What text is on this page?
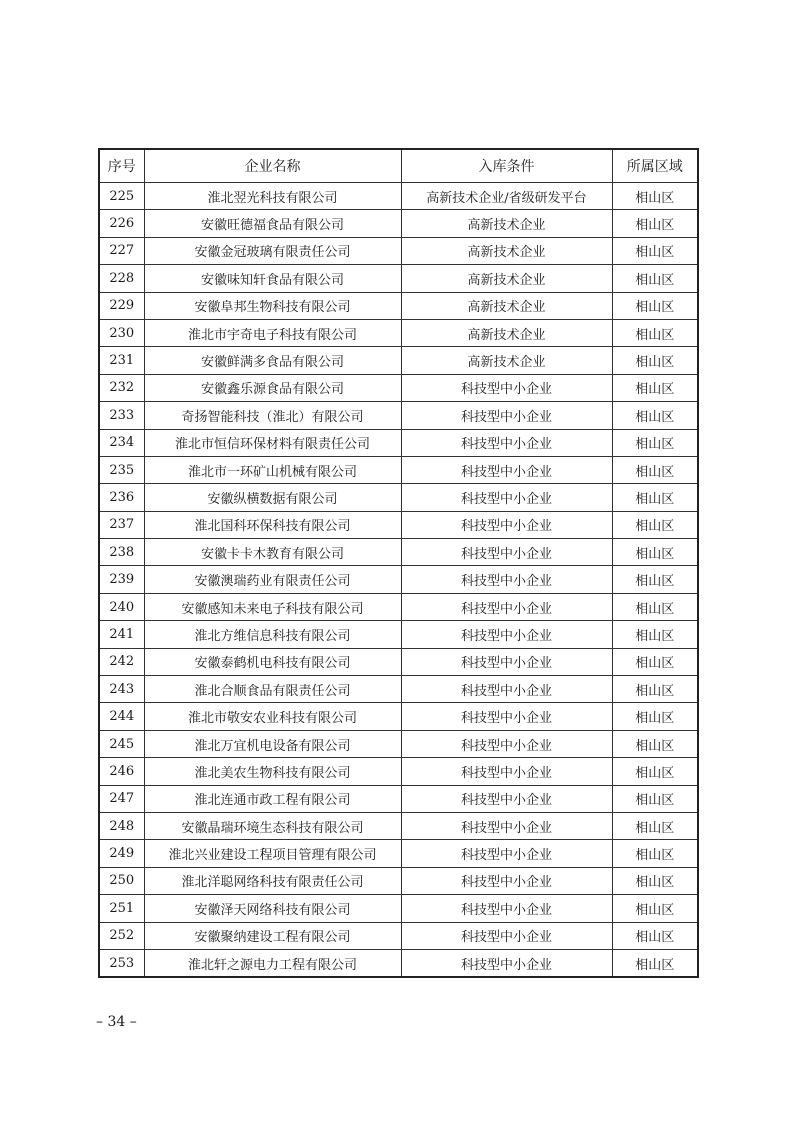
序号	企业名称	入库条件	所属区域
225	淮北翌光科技有限公司	高新技术企业/省级研发平台	相山区
226	安徽旺德福食品有限公司	高新技术企业	相山区
227	安徽金冠玻璃有限责任公司	高新技术企业	相山区
228	安徽味知轩食品有限公司	高新技术企业	相山区
229	安徽阜邦生物科技有限公司	高新技术企业	相山区
230	淮北市宇奇电子科技有限公司	高新技术企业	相山区
231	安徽鲜满多食品有限公司	高新技术企业	相山区
232	安徽鑫乐源食品有限公司	科技型中小企业	相山区
233	奇扬智能科技（淮北）有限公司	科技型中小企业	相山区
234	淮北市恒信环保材料有限责任公司	科技型中小企业	相山区
235	淮北市一环矿山机械有限公司	科技型中小企业	相山区
236	安徽纵横数据有限公司	科技型中小企业	相山区
237	淮北国科环保科技有限公司	科技型中小企业	相山区
238	安徽卡卡木教育有限公司	科技型中小企业	相山区
239	安徽澳瑞药业有限责任公司	科技型中小企业	相山区
240	安徽感知未来电子科技有限公司	科技型中小企业	相山区
241	淮北方维信息科技有限公司	科技型中小企业	相山区
242	安徽泰鹤机电科技有限公司	科技型中小企业	相山区
243	淮北合顺食品有限责任公司	科技型中小企业	相山区
244	淮北市敬安农业科技有限公司	科技型中小企业	相山区
245	淮北万宜机电设备有限公司	科技型中小企业	相山区
246	淮北美农生物科技有限公司	科技型中小企业	相山区
247	淮北连通市政工程有限公司	科技型中小企业	相山区
248	安徽晶瑞环境生态科技有限公司	科技型中小企业	相山区
249	淮北兴业建设工程项目管理有限公司	科技型中小企业	相山区
250	淮北洋聪网络科技有限责任公司	科技型中小企业	相山区
251	安徽泽天网络科技有限公司	科技型中小企业	相山区
252	安徽聚纳建设工程有限公司	科技型中小企业	相山区
253	淮北轩之源电力工程有限公司	科技型中小企业	相山区
– 34 –
